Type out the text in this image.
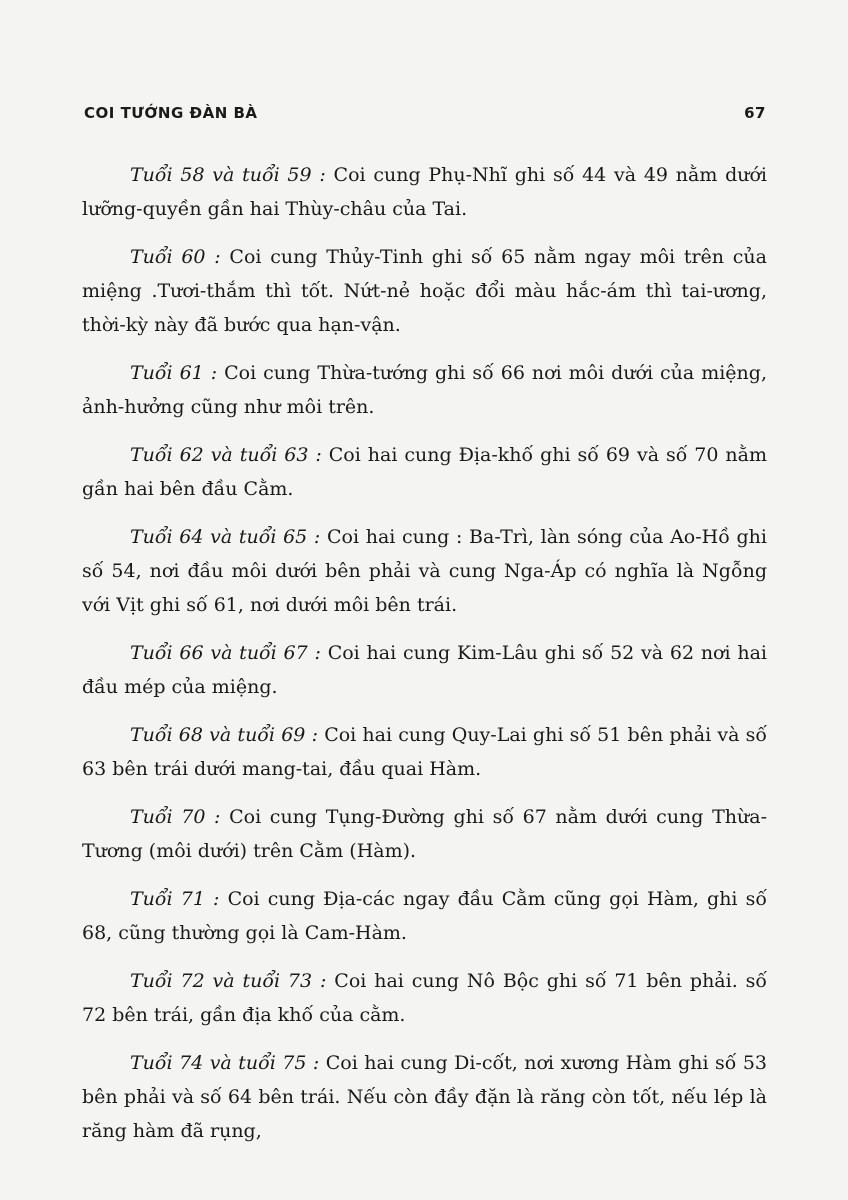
COI TƯỚNG ĐÀN BÀ	67

Tuổi 58 và tuổi 59 : Coi cung Phụ-Nhĩ ghi số 44 và 49 nằm dưới lưỡng-quyền gần hai Thùy-châu của Tai.

Tuổi 60 : Coi cung Thủy-Tinh ghi số 65 nằm ngay môi trên của miệng .Tươi-thắm thì tốt. Nứt-nẻ hoặc đổi màu hắc-ám thì tai-ương, thời-kỳ này đã bước qua hạn-vận.

Tuổi 61 : Coi cung Thừa-tướng ghi số 66 nơi môi dưới của miệng, ảnh-hưởng cũng như môi trên.

Tuổi 62 và tuổi 63 : Coi hai cung Địa-khố ghi số 69 và số 70 nằm gần hai bên đầu Cằm.

Tuổi 64 và tuổi 65 : Coi hai cung : Ba-Trì, làn sóng của Ao-Hồ ghi số 54, nơi đầu môi dưới bên phải và cung Nga-Áp có nghĩa là Ngỗng với Vịt ghi số 61, nơi dưới môi bên trái.

Tuổi 66 và tuổi 67 : Coi hai cung Kim-Lâu ghi số 52 và 62 nơi hai đầu mép của miệng.

Tuổi 68 và tuổi 69 : Coi hai cung Quy-Lai ghi số 51 bên phải và số 63 bên trái dưới mang-tai, đầu quai Hàm.

Tuổi 70 : Coi cung Tụng-Đường ghi số 67 nằm dưới cung Thừa-Tương (môi dưới) trên Cằm (Hàm).

Tuổi 71 : Coi cung Địa-các ngay đầu Cằm cũng gọi Hàm, ghi số 68, cũng thường gọi là Cam-Hàm.

Tuổi 72 và tuổi 73 : Coi hai cung Nô Bộc ghi số 71 bên phải. số 72 bên trái, gần địa khố của cằm.

Tuổi 74 và tuổi 75 : Coi hai cung Di-cốt, nơi xương Hàm ghi số 53 bên phải và số 64 bên trái. Nếu còn đầy đặn là răng còn tốt, nếu lép là răng hàm đã rụng,
